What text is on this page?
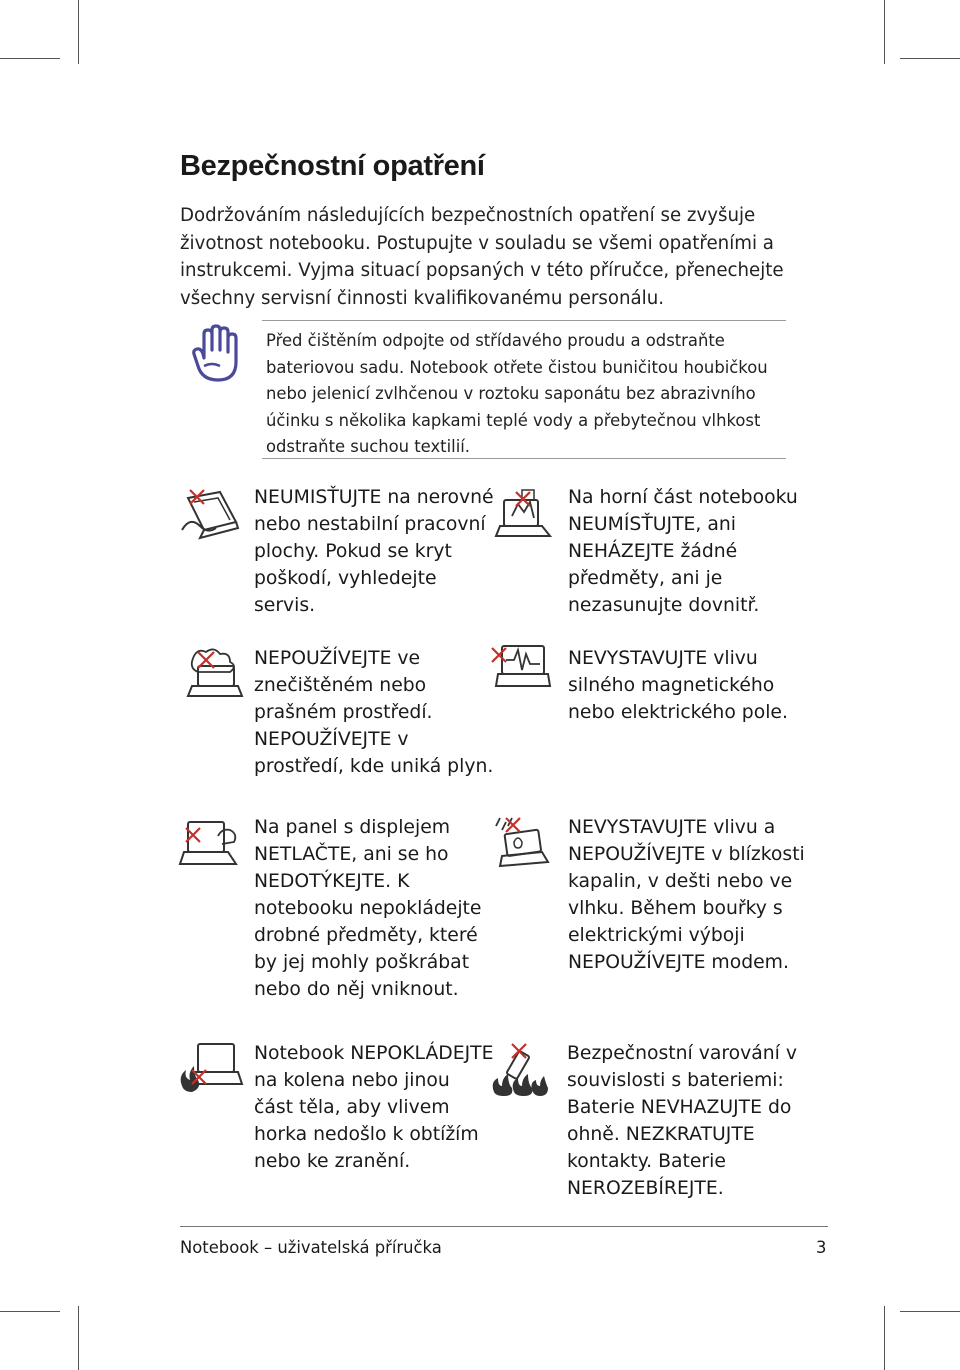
Bezpečnostní opatření

Dodržováním následujících bezpečnostních opatření se zvyšuje životnost notebooku. Postupujte v souladu se všemi opatřeními a instrukcemi. Vyjma situací popsaných v této příručce, přenechejte všechny servisní činnosti kvalifikovanému personálu.

Před čištěním odpojte od střídavého proudu a odstraňte bateriovou sadu. Notebook otřete čistou buničitou houbičkou nebo jelenicí zvlhčenou v roztoku saponátu bez abrazivního účinku s několika kapkami teplé vody a přebytečnou vlhkost odstraňte suchou textilií.

NEUMISŤUJTE na nerovné nebo nestabilní pracovní plochy. Pokud se kryt poškodí, vyhledejte servis.

Na horní část notebooku NEUMÍSŤUJTE, ani NEHÁZEJTE žádné předměty, ani je nezasunujte dovnitř.

NEPOUŽÍVEJTE ve znečištěném nebo prašném prostředí. NEPOUŽÍVEJTE v prostředí, kde uniká plyn.

NEVYSTAVUJTE vlivu silného magnetického nebo elektrického pole.

Na panel s displejem NETLAČTE, ani se ho NEDOTÝKEJTE. K notebooku nepokládejte drobné předměty, které by jej mohly poškrábat nebo do něj vniknout.

NEVYSTAVUJTE vlivu a NEPOUŽÍVEJTE v blízkosti kapalin, v dešti nebo ve vlhku. Během bouřky s elektrickými výboji NEPOUŽÍVEJTE modem.

Notebook NEPOKLÁDEJTE na kolena nebo jinou část těla, aby vlivem horka nedošlo k obtížím nebo ke zranění.

Bezpečnostní varování v souvislosti s bateriemi: Baterie NEVHAZUJTE do ohně. NEZKRATUJTE kontakty. Baterie NEROZEBÍREJTE.

Notebook – uživatelská příručka	3
